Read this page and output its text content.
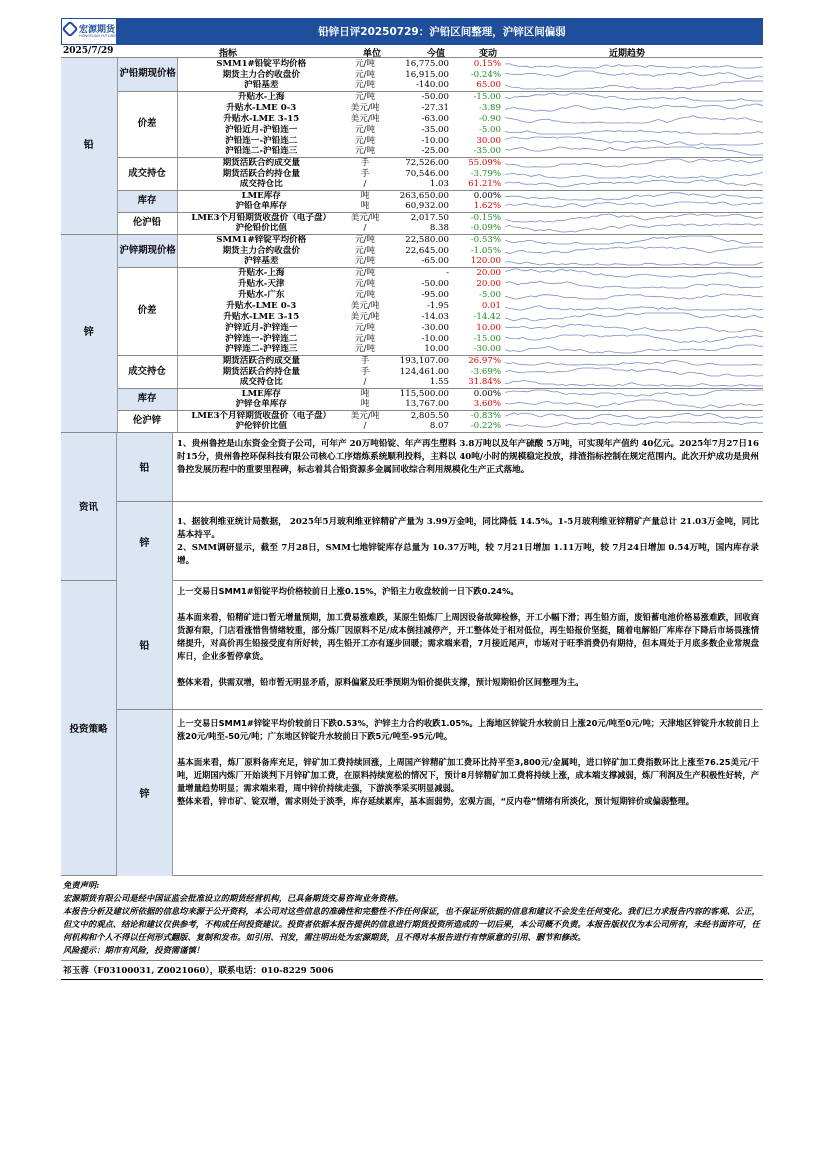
宏源期货
HONGYUAN FUTURES	铅锌日评20250729：沪铅区间整理，沪锌区间偏弱
2025/7/29	指标	单位	今值	变动	近期趋势
铅	沪铅期现价格	SMM1#铅锭平均价格	元/吨	16,775.00	0.15%	

		期货主力合约收盘价	元/吨	16,915.00	-0.24%	

		沪铅基差	元/吨	-140.00	65.00	

	价差	升贴水-上海	元/吨	-50.00	-15.00	

		升贴水-LME 0-3	美元/吨	-27.31	-3.89	

		升贴水-LME 3-15	美元/吨	-63.00	-0.90	

		沪铅近月-沪铅连一	元/吨	-35.00	-5.00	

		沪铅连一-沪铅连二	元/吨	-10.00	30.00	

		沪铅连二-沪铅连三	元/吨	-25.00	-35.00	

	成交持仓	期货活跃合约成交量	手	72,526.00	55.09%	

		期货活跃合约持仓量	手	70,546.00	-3.79%	

		成交持仓比	/	1.03	61.21%	

	库存	LME库存	吨	263,650.00	0.00%	

		沪铅仓单库存	吨	60,932.00	1.62%	

	伦沪铅	LME3个月铅期货收盘价（电子盘）	美元/吨	2,017.50	-0.15%	

		沪伦铅价比值	/	8.38	-0.09%	

锌	沪锌期现价格	SMM1#锌锭平均价格	元/吨	22,580.00	-0.53%	

		期货主力合约收盘价	元/吨	22,645.00	-1.05%	

		沪锌基差	元/吨	-65.00	120.00	

	价差	升贴水-上海	元/吨	-	20.00	

		升贴水-天津	元/吨	-50.00	20.00	

		升贴水-广东	元/吨	-95.00	-5.00	

		升贴水-LME 0-3	美元/吨	-1.95	0.01	

		升贴水-LME 3-15	美元/吨	-14.03	-14.42	

		沪锌近月-沪锌连一	元/吨	-30.00	10.00	

		沪锌连一-沪锌连二	元/吨	-10.00	-15.00	

		沪锌连二-沪锌连三	元/吨	10.00	-30.00	

	成交持仓	期货活跃合约成交量	手	193,107.00	26.97%	

		期货活跃合约持仓量	手	124,461.00	-3.69%	

		成交持仓比	/	1.55	31.84%	

	库存	LME库存	吨	115,500.00	0.00%	

		沪锌仓单库存	吨	13,767.00	3.60%	

	伦沪锌	LME3个月锌期货收盘价（电子盘）	美元/吨	2,805.50	-0.83%	

		沪伦锌价比值	/	8.07	-0.22%	
资讯
铅
1、贵州鲁控是山东资金全资子公司，可年产 20万吨铅锭、年产再生塑料 3.8万吨以及年产硫酸 5万吨，可实现年产值约 40亿元。2025年7月27日16时15分，贵州鲁控环保科技有限公司核心工序熔炼系统顺利投料，主料以 40吨/小时的规模稳定投放，排渣指标控制在规定范围内。此次开炉成功是贵州鲁控发展历程中的重要里程碑，标志着其合铅资源多金属回收综合利用规模化生产正式落地。
锌
1、据彼利维亚统计局数据， 2025年5月玻利维亚锌精矿产量为 3.99万金吨，同比降低 14.5%。1-5月玻利维亚锌精矿产量总计 21.03万金吨，同比基本持平。
2、SMM调研显示，截至 7月28日，SMM七地锌锭库存总量为 10.37万吨，较 7月21日增加 1.11万吨，较 7月24日增加 0.54万吨，国内库存录增。
投资策略
铅
上一交易日SMM1#铅锭平均价格较前日上涨0.15%，沪铅主力收盘较前一日下跌0.24%。

基本面来看，铅精矿进口暂无增量预期，加工费易涨难跌，某原生铅炼厂上周因设备故障检修，开工小幅下滑；再生铅方面，废铅蓄电池价格易涨难跌，回收商货源有限，门店看涨惜售情绪较重，部分炼厂因原料不足/成本倒挂减停产，开工整体处于相对低位，再生铅报价坚挺，随着电解铅厂库库存下降后市场畏涨情绪提升，对高价再生铅接受度有所好转，再生铅开工亦有逐步回暖；需求端来看，7月接近尾声，市场对于旺季消费仍有期待，但本周处于月底多数企业常规盘库日，企业多暂停拿货。

整体来看，供需双增，铅市暂无明显矛盾，原料偏紧及旺季预期为铅价提供支撑，预计短期铅价区间整理为主。
锌
上一交易日SMM1#锌锭平均价较前日下跌0.53%，沪锌主力合约收跌1.05%。上海地区锌锭升水较前日上涨20元/吨至0元/吨；天津地区锌锭升水较前日上涨20元/吨至-50元/吨；广东地区锌锭升水较前日下跌5元/吨至-95元/吨。

基本面来看，炼厂原料备库充足，锌矿加工费持续回涨，上周国产锌精矿加工费环比持平至3,800元/金属吨，进口锌矿加工费指数环比上涨至76.25美元/干吨，近期国内炼厂开始谈判下月锌矿加工费，在原料持续宽松的情况下，预计8月锌精矿加工费将持续上涨，成本端支撑减弱，炼厂利润及生产积极性好转，产量增量趋势明显；需求端来看，周中锌价持续走强，下游淡季采买明显减弱。
整体来看，锌市矿、锭双增，需求则处于淡季，库存延续累库，基本面弱势，宏观方面，“反内卷”情绪有所淡化，预计短期锌价或偏弱整理。
免责声明:
宏源期货有限公司是经中国证监会批准设立的期货经营机构，已具备期货交易咨询业务资格。
本报告分析及建议所依据的信息均来源于公开资料，本公司对这些信息的准确性和完整性不作任何保证，也不保证所依据的信息和建议不会发生任何变化。我们已力求报告内容的客观、公正，但文中的观点、结论和建议仅供参考，不构成任何投资建议。投资者依据本报告提供的信息进行期货投资所造成的一切后果，本公司概不负责。本报告版权仅为本公司所有，未经书面许可，任何机构和个人不得以任何形式翻版、复制和发布。如引用、刊发，需注明出处为宏源期货，且不得对本报告进行有悖原意的引用、删节和修改。
风险提示：期市有风险，投资需谨慎！
祁玉蓉（F03100031, Z0021060），联系电话：010-8229 5006
